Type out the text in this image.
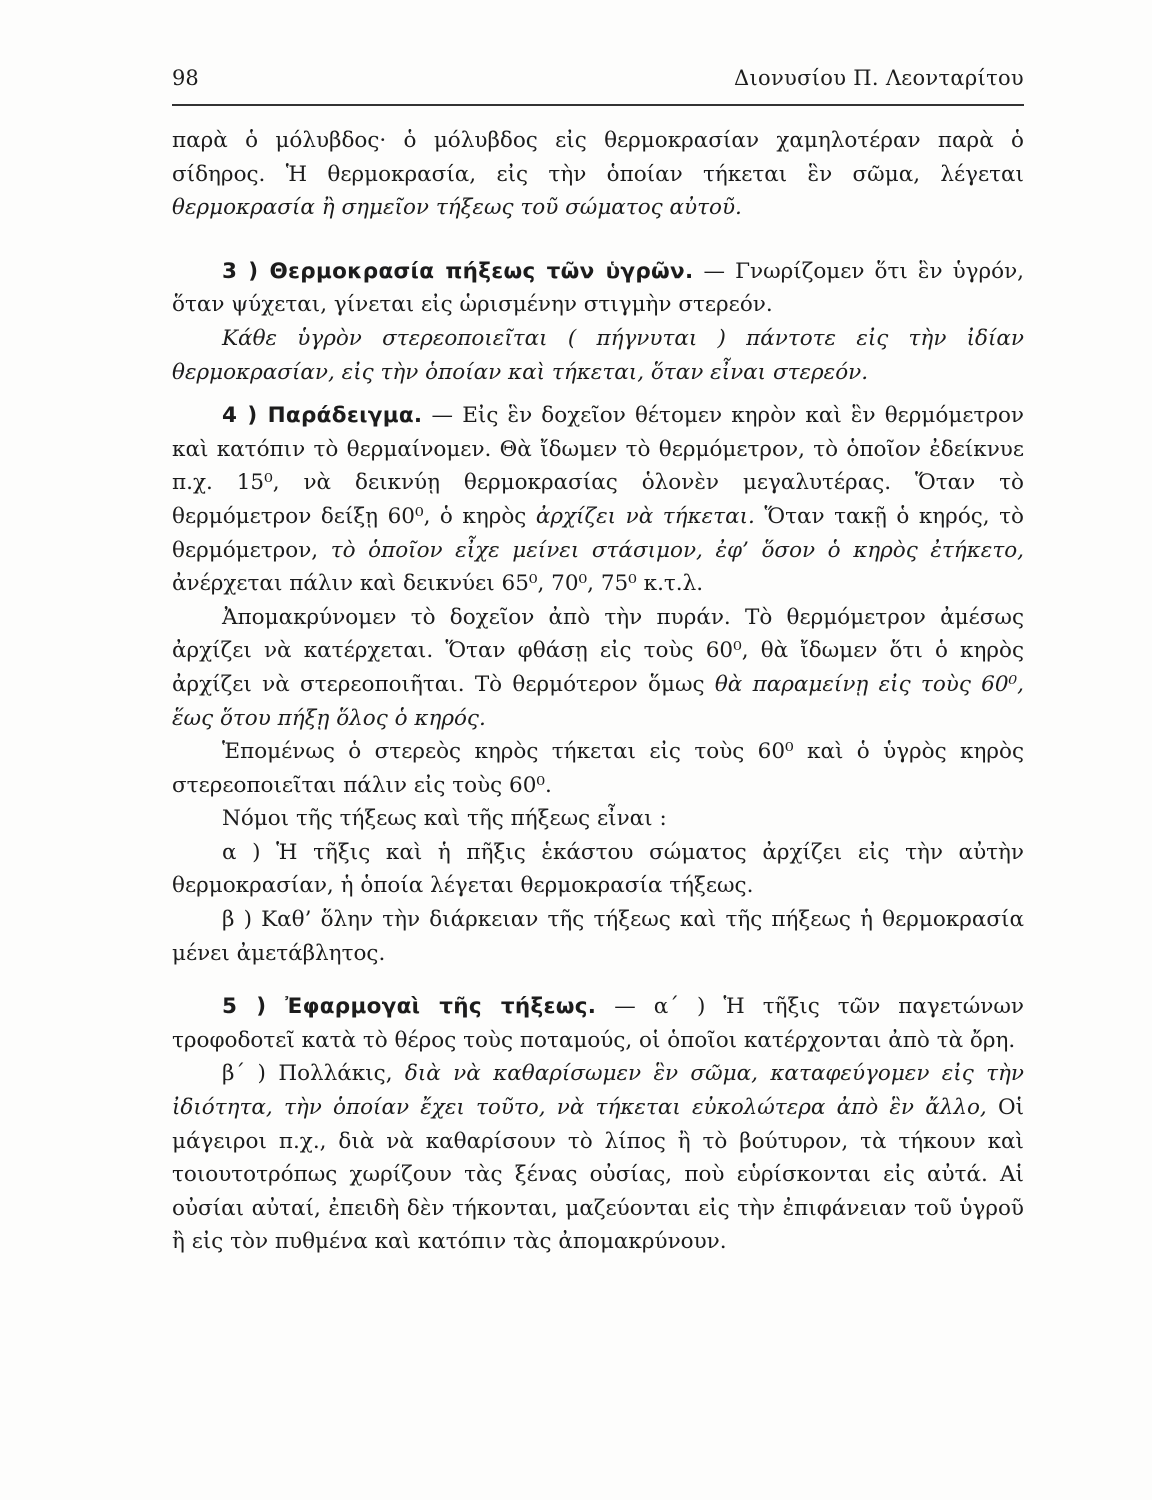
98	Διονυσίου Π. Λεονταρίτου

παρὰ ὁ μόλυβδος· ὁ μόλυβδος εἰς θερμοκρασίαν χαμηλοτέραν παρὰ ὁ σίδηρος. Ἡ θερμοκρασία, εἰς τὴν ὁποίαν τήκεται ἓν σῶμα, λέγεται θερμοκρασία ἢ σημεῖον τήξεως τοῦ σώματος αὐτοῦ.

3 ) Θερμοκρασία πήξεως τῶν ὑγρῶν. — Γνωρίζομεν ὅτι ἓν ὑγρόν, ὅταν ψύχεται, γίνεται εἰς ὡρισμένην στιγμὴν στερεόν.

Κάθε ὑγρὸν στερεοποιεῖται ( πήγνυται ) πάντοτε εἰς τὴν ἰδίαν θερμοκρασίαν, εἰς τὴν ὁποίαν καὶ τήκεται, ὅταν εἶναι στερεόν.

4 ) Παράδειγμα. — Εἰς ἓν δοχεῖον θέτομεν κηρὸν καὶ ἓν θερμόμετρον καὶ κατόπιν τὸ θερμαίνομεν. Θὰ ἴδωμεν τὸ θερμόμετρον, τὸ ὁποῖον ἐδείκνυε π.χ. 15⁰, νὰ δεικνύῃ θερμοκρασίας ὁλονὲν μεγαλυτέρας. Ὅταν τὸ θερμόμετρον δείξῃ 60⁰, ὁ κηρὸς ἀρχίζει νὰ τήκεται. Ὅταν τακῇ ὁ κηρός, τὸ θερμόμετρον, τὸ ὁποῖον εἶχε μείνει στάσιμον, ἐφ’ ὅσον ὁ κηρὸς ἐτήκετο, ἀνέρχεται πάλιν καὶ δεικνύει 65⁰, 70⁰, 75⁰ κ.τ.λ.

Ἀπομακρύνομεν τὸ δοχεῖον ἀπὸ τὴν πυράν. Τὸ θερμόμετρον ἀμέσως ἀρχίζει νὰ κατέρχεται. Ὅταν φθάσῃ εἰς τοὺς 60⁰, θὰ ἴδωμεν ὅτι ὁ κηρὸς ἀρχίζει νὰ στερεοποιῆται. Τὸ θερμότερον ὅμως θὰ παραμείνῃ εἰς τοὺς 60⁰, ἕως ὅτου πήξῃ ὅλος ὁ κηρός.

Ἑπομένως ὁ στερεὸς κηρὸς τήκεται εἰς τοὺς 60⁰ καὶ ὁ ὑγρὸς κηρὸς στερεοποιεῖται πάλιν εἰς τοὺς 60⁰.

Νόμοι τῆς τήξεως καὶ τῆς πήξεως εἶναι :

α ) Ἡ τῆξις καὶ ἡ πῆξις ἑκάστου σώματος ἀρχίζει εἰς τὴν αὐτὴν θερμοκρασίαν, ἡ ὁποία λέγεται θερμοκρασία τήξεως.

β ) Καθ’ ὅλην τὴν διάρκειαν τῆς τήξεως καὶ τῆς πήξεως ἡ θερμοκρασία μένει ἀμετάβλητος.

5 ) Ἐφαρμογαὶ τῆς τήξεως. — α΄ ) Ἡ τῆξις τῶν παγετώνων τροφοδοτεῖ κατὰ τὸ θέρος τοὺς ποταμούς, οἱ ὁποῖοι κατέρχονται ἀπὸ τὰ ὄρη.

β΄ ) Πολλάκις, διὰ νὰ καθαρίσωμεν ἓν σῶμα, καταφεύγομεν εἰς τὴν ἰδιότητα, τὴν ὁποίαν ἔχει τοῦτο, νὰ τήκεται εὐκολώτερα ἀπὸ ἓν ἄλλο, Οἱ μάγειροι π.χ., διὰ νὰ καθαρίσουν τὸ λίπος ἢ τὸ βούτυρον, τὰ τήκουν καὶ τοιουτοτρόπως χωρίζουν τὰς ξένας οὐσίας, ποὺ εὑρίσκονται εἰς αὐτά. Αἱ οὐσίαι αὐταί, ἐπειδὴ δὲν τήκονται, μαζεύονται εἰς τὴν ἐπιφάνειαν τοῦ ὑγροῦ ἢ εἰς τὸν πυθμένα καὶ κατόπιν τὰς ἀπομακρύνουν.
